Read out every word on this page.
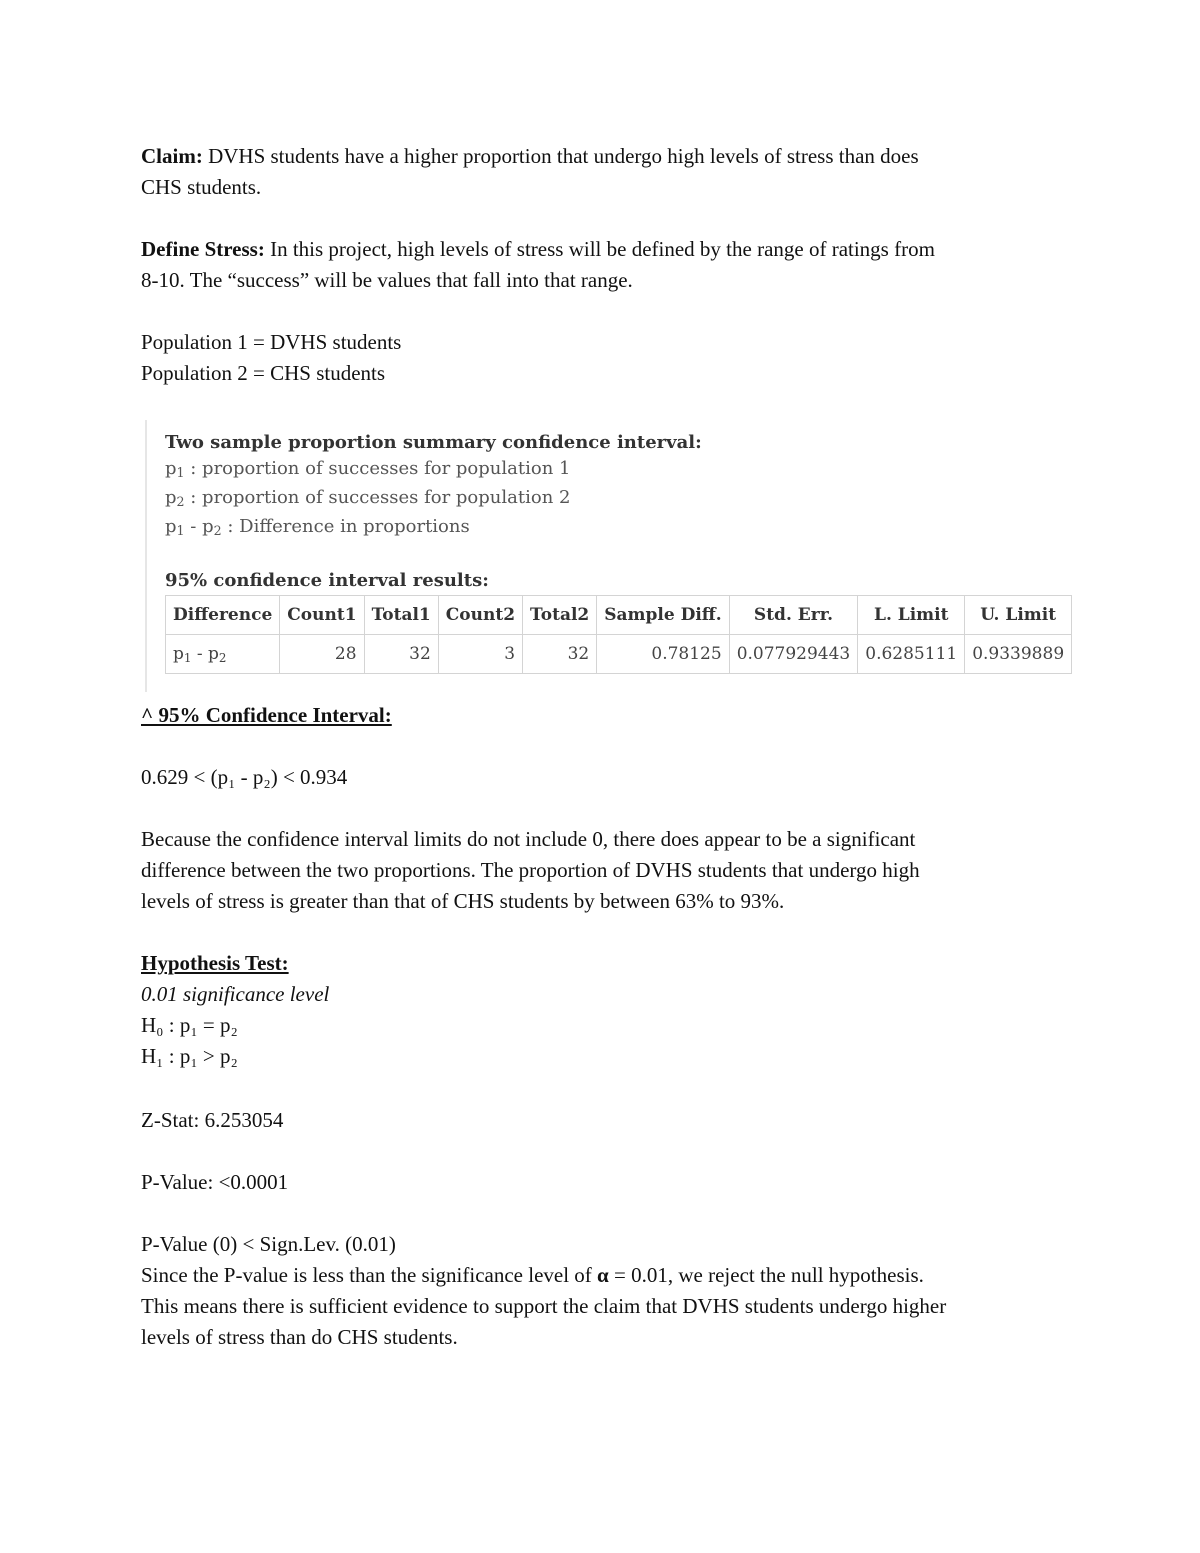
Claim: DVHS students have a higher proportion that undergo high levels of stress than does
CHS students.
Define Stress: In this project, high levels of stress will be defined by the range of ratings from
8-10. The “success” will be values that fall into that range.
Population 1 = DVHS students
Population 2 = CHS students
^ 95% Confidence Interval:
0.629 < (p₁ - p₂) < 0.934
Because the confidence interval limits do not include 0, there does appear to be a significant
difference between the two proportions. The proportion of DVHS students that undergo high
levels of stress is greater than that of CHS students by between 63% to 93%.
Hypothesis Test:
0.01 significance level
H₀ : p₁ = p₂
H₁ : p₁ > p₂
Z-Stat: 6.253054
P-Value: <0.0001
P-Value (0) < Sign.Lev. (0.01)
Since the P-value is less than the significance level of α = 0.01, we reject the null hypothesis.
This means there is sufficient evidence to support the claim that DVHS students undergo higher
levels of stress than do CHS students.
Two sample proportion summary confidence interval:
$p_1$ : proportion of successes for population 1
$p_2$ : proportion of successes for population 2
$p_1 - p_2$ : Difference in proportions
95% confidence interval results:
Difference	Count1	Total1	Count2	Total2	Sample Diff.	Std. Err.	L. Limit	U. Limit
$p_1 - p_2$	28	32	3	32	0.78125	0.077929443	0.6285111	0.9339889
